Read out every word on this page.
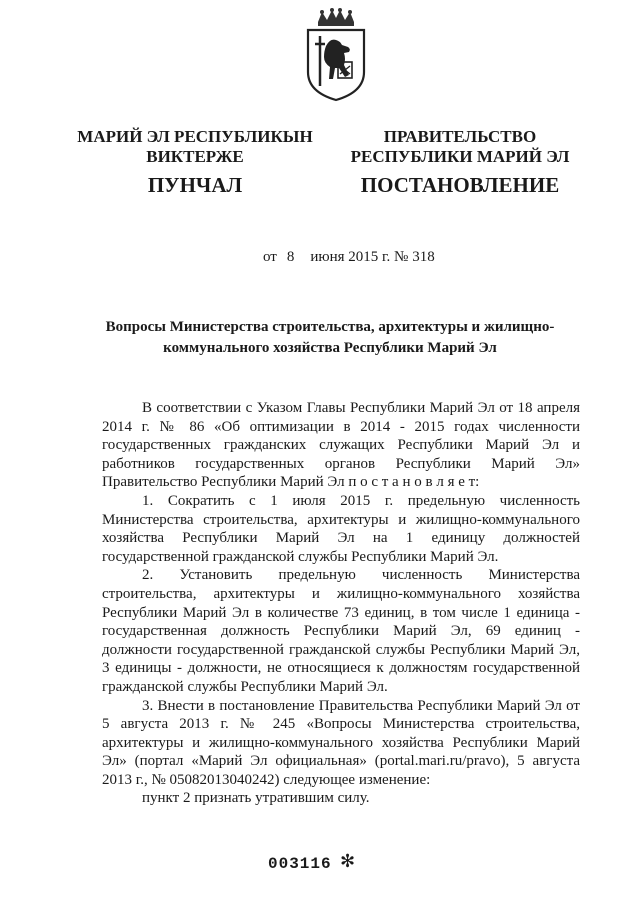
МАРИЙ ЭЛ РЕСПУБЛИКЫН
ВИКТЕРЖЕ
ПРАВИТЕЛЬСТВО
РЕСПУБЛИКИ МАРИЙ ЭЛ
ПУНЧАЛ	ПОСТАНОВЛЕНИЕ
от 8 июня 2015 г. № 318
Вопросы Министерства строительства, архитектуры и жилищно-
коммунального хозяйства Республики Марий Эл

В соответствии с Указом Главы Республики Марий Эл от 18 апреля 2014 г. № 86 «Об оптимизации в 2014 - 2015 годах численности государственных гражданских служащих Республики Марий Эл и работников государственных органов Республики Марий Эл» Правительство Республики Марий Эл п о с т а н о в л я е т:

1. Сократить с 1 июля 2015 г. предельную численность Министерства строительства, архитектуры и жилищно-коммунального хозяйства Республики Марий Эл на 1 единицу должностей государственной гражданской службы Республики Марий Эл.

2. Установить предельную численность Министерства строительства, архитектуры и жилищно-коммунального хозяйства Республики Марий Эл в количестве 73 единиц, в том числе 1 единица - государственная должность Республики Марий Эл, 69 единиц - должности государственной гражданской службы Республики Марий Эл, 3 единицы - должности, не относящиеся к должностям государственной гражданской службы Республики Марий Эл.

3. Внести в постановление Правительства Республики Марий Эл от 5 августа 2013 г. № 245 «Вопросы Министерства строительства, архитектуры и жилищно-коммунального хозяйства Республики Марий Эл» (портал «Марий Эл официальная» (portal.mari.ru/pravo), 5 августа 2013 г., № 05082013040242) следующее изменение:

пункт 2 признать утратившим силу.

003116 ✻
